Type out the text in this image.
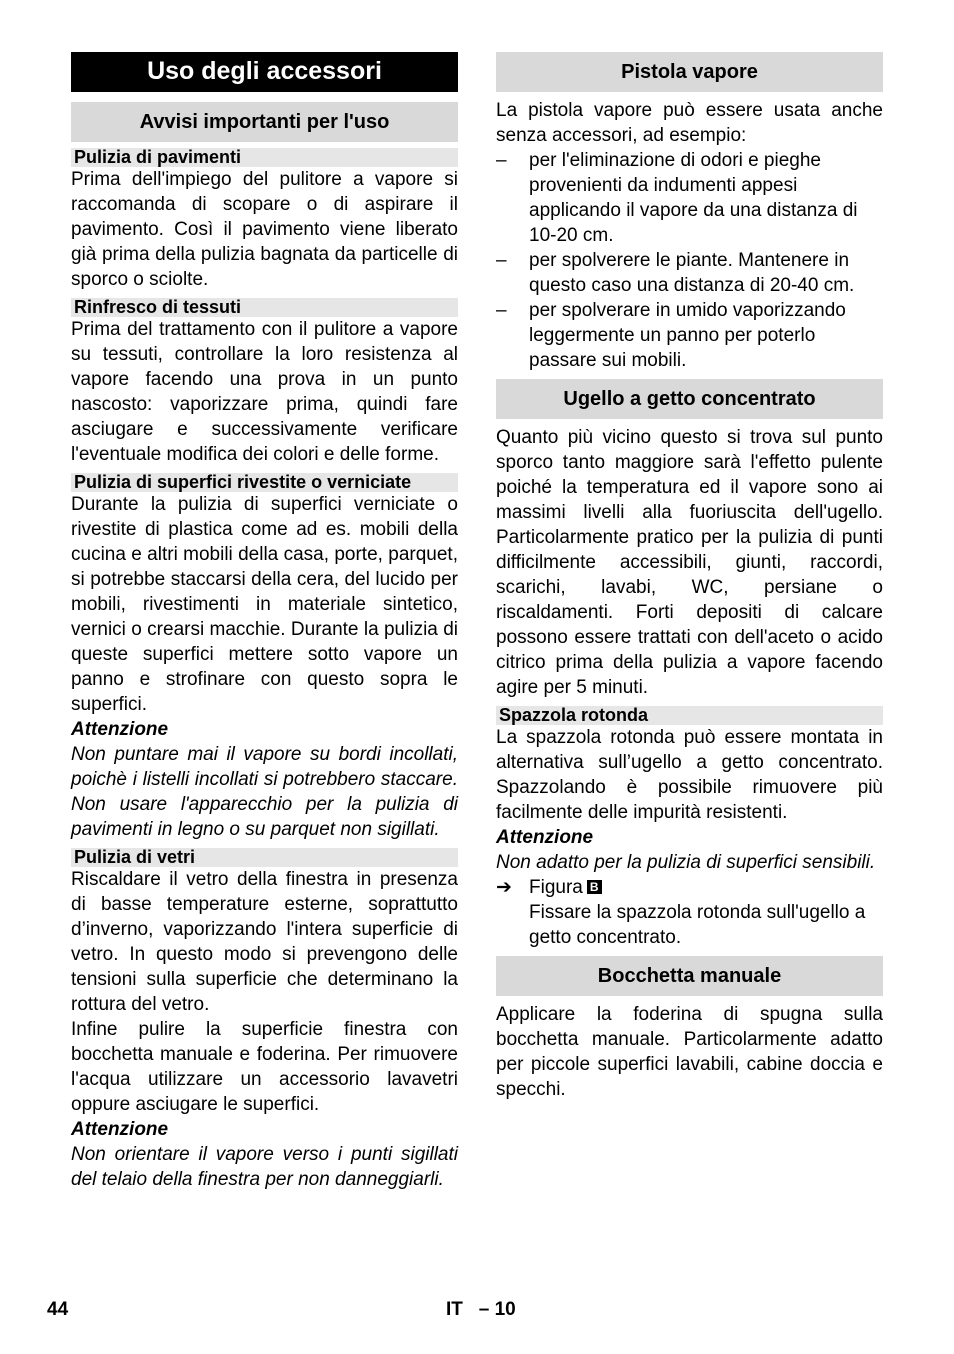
Uso degli accessori
Avvisi importanti per l'uso
Pulizia di pavimenti

Prima dell'impiego del pulitore a vapore si raccomanda di scopare o di aspirare il pavimento. Così il pavimento viene liberato già prima della pulizia bagnata da particelle di sporco o sciolte.

Rinfresco di tessuti

Prima del trattamento con il pulitore a vapore su tessuti, controllare la loro resistenza al vapore facendo una prova in un punto nascosto: vaporizzare prima, quindi fare asciugare e successivamente verificare l'eventuale modifica dei colori e delle forme.

Pulizia di superfici rivestite o verniciate

Durante la pulizia di superfici verniciate o rivestite di plastica come ad es. mobili della cucina e altri mobili della casa, porte, parquet, si potrebbe staccarsi della cera, del lucido per mobili, rivestimenti in materiale sintetico, vernici o crearsi macchie. Durante la pulizia di queste superfici mettere sotto vapore un panno e strofinare con questo sopra le superfici.

Attenzione

Non puntare mai il vapore su bordi incollati, poichè i listelli incollati si potrebbero staccare. Non usare l'apparecchio per la pulizia di pavimenti in legno o su parquet non sigillati.

Pulizia di vetri

Riscaldare il vetro della finestra in presenza di basse temperature esterne, soprattutto d’inverno, vaporizzando l'intera superficie di vetro. In questo modo si prevengono delle tensioni sulla superficie che determinano la rottura del vetro.

Infine pulire la superficie finestra con bocchetta manuale e foderina. Per rimuovere l'acqua utilizzare un accessorio lavavetri oppure asciugare le superfici.

Attenzione

Non orientare il vapore verso i punti sigillati del telaio della finestra per non danneggiarli.

Pistola vapore

La pistola vapore può essere usata anche senza accessori, ad esempio:

– per l'eliminazione di odori e pieghe provenienti da indumenti appesi applicando il vapore da una distanza di 10-20 cm.
– per spolverere le piante. Mantenere in questo caso una distanza di 20-40 cm.
– per spolverare in umido vaporizzando leggermente un panno per poterlo passare sui mobili.
Ugello a getto concentrato

Quanto più vicino questo si trova sul punto sporco tanto maggiore sarà l'effetto pulente poiché la temperatura ed il vapore sono ai massimi livelli alla fuoriuscita dell'ugello. Particolarmente pratico per la pulizia di punti difficilmente accessibili, giunti, raccordi, scarichi, lavabi, WC, persiane o riscaldamenti. Forti depositi di calcare possono essere trattati con dell'aceto o acido citrico prima della pulizia a vapore facendo agire per 5 minuti.

Spazzola rotonda

La spazzola rotonda può essere montata in alternativa sull’ugello a getto concentrato. Spazzolando è possibile rimuovere più facilmente delle impurità resistenti.

Attenzione

Non adatto per la pulizia di superfici sensibili.

➔ Figura B
Fissare la spazzola rotonda sull'ugello a getto concentrato.
Bocchetta manuale

Applicare la foderina di spugna sulla bocchetta manuale. Particolarmente adatto per piccole superfici lavabili, cabine doccia e specchi.

44	IT   – 10
